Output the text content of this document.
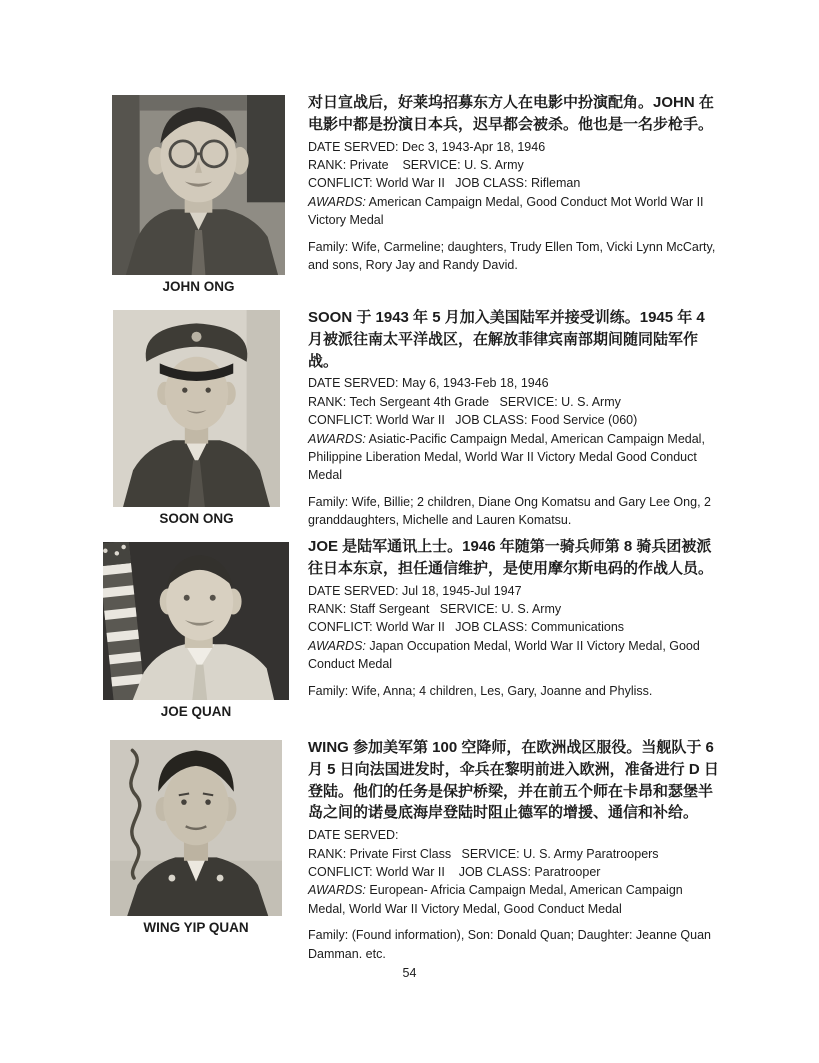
JOHN ONG

对日宣战后，好莱坞招募东方人在电影中扮演配角。JOHN 在电影中都是扮演日本兵，迟早都会被杀。他也是一名步枪手。

DATE SERVED: Dec 3, 1943-Apr 18, 1946

RANK: Private    SERVICE: U. S. Army

CONFLICT: World War II   JOB CLASS: Rifleman

AWARDS: American Campaign Medal, Good Conduct Mot World War II Victory Medal

Family: Wife, Carmeline; daughters, Trudy Ellen Tom, Vicki Lynn McCarty, and sons, Rory Jay and Randy David.

SOON ONG

SOON 于 1943 年 5 月加入美国陆军并接受训练。1945 年 4 月被派往南太平洋战区，在解放菲律宾南部期间随同陆军作战。

DATE SERVED: May 6, 1943-Feb 18, 1946

RANK: Tech Sergeant 4th Grade   SERVICE: U. S. Army

CONFLICT: World War II   JOB CLASS: Food Service (060)

AWARDS: Asiatic-Pacific Campaign Medal, American Campaign Medal, Philippine Liberation Medal, World War II Victory Medal Good Conduct Medal

Family: Wife, Billie; 2 children, Diane Ong Komatsu and Gary Lee Ong, 2 granddaughters, Michelle and Lauren Komatsu.

JOE QUAN

JOE 是陆军通讯上士。1946 年随第一骑兵师第 8 骑兵团被派往日本东京，担任通信维护，是使用摩尔斯电码的作战人员。

DATE SERVED: Jul 18, 1945-Jul 1947

RANK: Staff Sergeant   SERVICE: U. S. Army

CONFLICT: World War II   JOB CLASS: Communications

AWARDS: Japan Occupation Medal, World War II Victory Medal, Good Conduct Medal

Family: Wife, Anna; 4 children, Les, Gary, Joanne and Phyliss.

WING YIP QUAN

WING 参加美军第 100 空降师，在欧洲战区服役。当舰队于 6 月 5 日向法国进发时，伞兵在黎明前进入欧洲，准备进行 D 日登陆。他们的任务是保护桥梁，并在前五个师在卡昂和瑟堡半岛之间的诺曼底海岸登陆时阻止德军的增援、通信和补给。

DATE SERVED:

RANK: Private First Class   SERVICE: U. S. Army Paratroopers

CONFLICT: World War II    JOB CLASS: Paratrooper

AWARDS: European- Africia Campaign Medal, American Campaign Medal, World War II Victory Medal, Good Conduct Medal

Family: (Found information), Son: Donald Quan; Daughter: Jeanne Quan Damman. etc.

54
